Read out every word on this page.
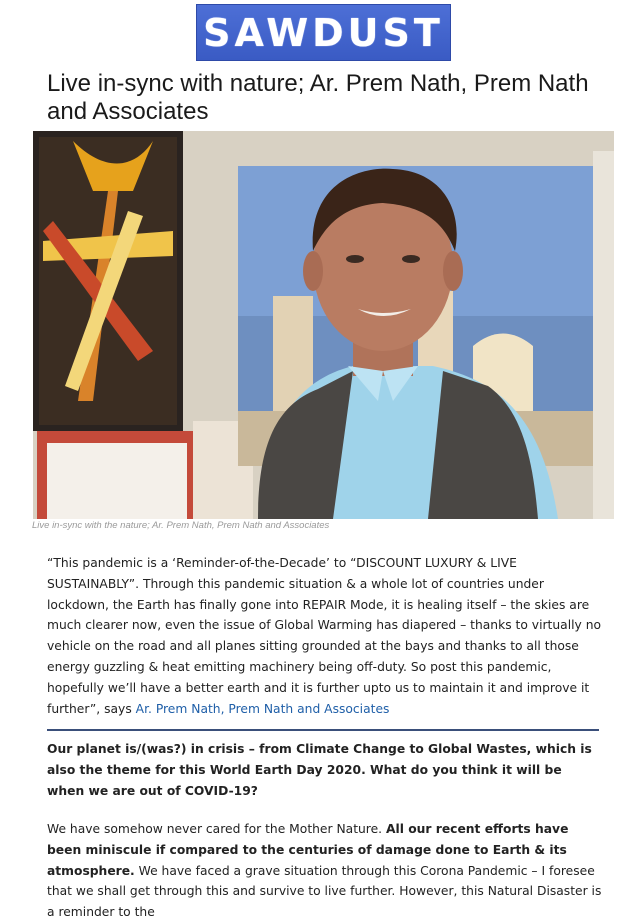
SAWDUST
Live in-sync with nature; Ar. Prem Nath, Prem Nath and Associates
Live in-sync with the nature; Ar. Prem Nath, Prem Nath and Associates

“This pandemic is a ‘Reminder-of-the-Decade’ to “DISCOUNT LUXURY & LIVE SUSTAINABLY”. Through this pandemic situation & a whole lot of countries under lockdown, the Earth has finally gone into REPAIR Mode, it is healing itself – the skies are much clearer now, even the issue of Global Warming has diapered – thanks to virtually no vehicle on the road and all planes sitting grounded at the bays and thanks to all those energy guzzling & heat emitting machinery being off-duty. So post this pandemic, hopefully we’ll have a better earth and it is further upto us to maintain it and improve it further”, says Ar. Prem Nath, Prem Nath and Associates

Our planet is/(was?) in crisis – from Climate Change to Global Wastes, which is also the theme for this World Earth Day 2020. What do you think it will be when we are out of COVID-19?

We have somehow never cared for the Mother Nature. All our recent efforts have been miniscule if compared to the centuries of damage done to Earth & its atmosphere. We have faced a grave situation through this Corona Pandemic – I foresee that we shall get through this and survive to live further. However, this Natural Disaster is a reminder to the
